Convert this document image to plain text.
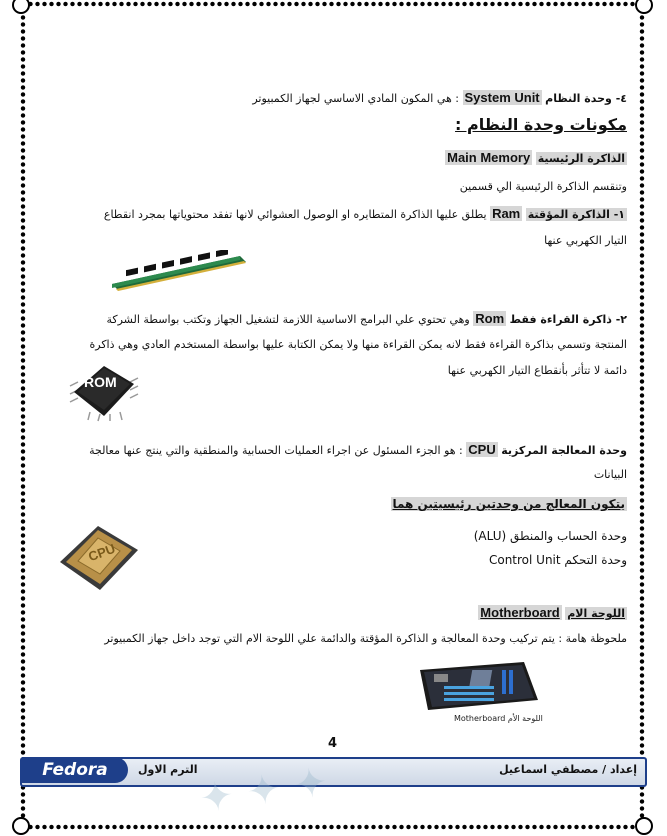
٤- وحدة النظام System Unit : هي المكون المادي الاساسي لجهاز الكمبيوتر
مكونات وحدة النظام :
الذاكرة الرئيسية Main Memory
وتنقسم الذاكرة الرئيسية الي قسمين
١- الذاكرة المؤقتة Ram يطلق عليها الذاكرة المتطايره او الوصول العشوائي لانها تفقد محتوياتها بمجرد انقطاع
التيار الكهربي عنها
٢- ذاكرة القراءة فقط Rom وهي تحتوي علي البرامج الاساسية اللازمة لتشغيل الجهاز وتكتب بواسطة الشركة
المنتجة وتسمي بذاكرة القراءة فقط لانه يمكن القراءة منها ولا يمكن الكتابة عليها بواسطة المستخدم العادي وهي ذاكرة
دائمة لا تتأثر بأنقطاع التيار الكهربي عنها
ROM
وحدة المعالجة المركزية CPU : هو الجزء المسئول عن اجراء العمليات الحسابية والمنطقية والتي ينتج عنها معالجة
البيانات
يتكون المعالج من وحدتين رئيسيتين هما
وحدة الحساب والمنطق (ALU)
وحدة التحكم Control Unit
CPU
اللوحة الام Motherboard
ملحوظة هامة : يتم تركيب وحدة المعالجة و الذاكرة المؤقتة والدائمة علي اللوحة الام التي توجد داخل جهاز الكمبيوتر
اللوحة الأم Motherboard
4
Fedora	الترم الاول	إعداد / مصطفي اسماعيل
✦ ✦ ✦
